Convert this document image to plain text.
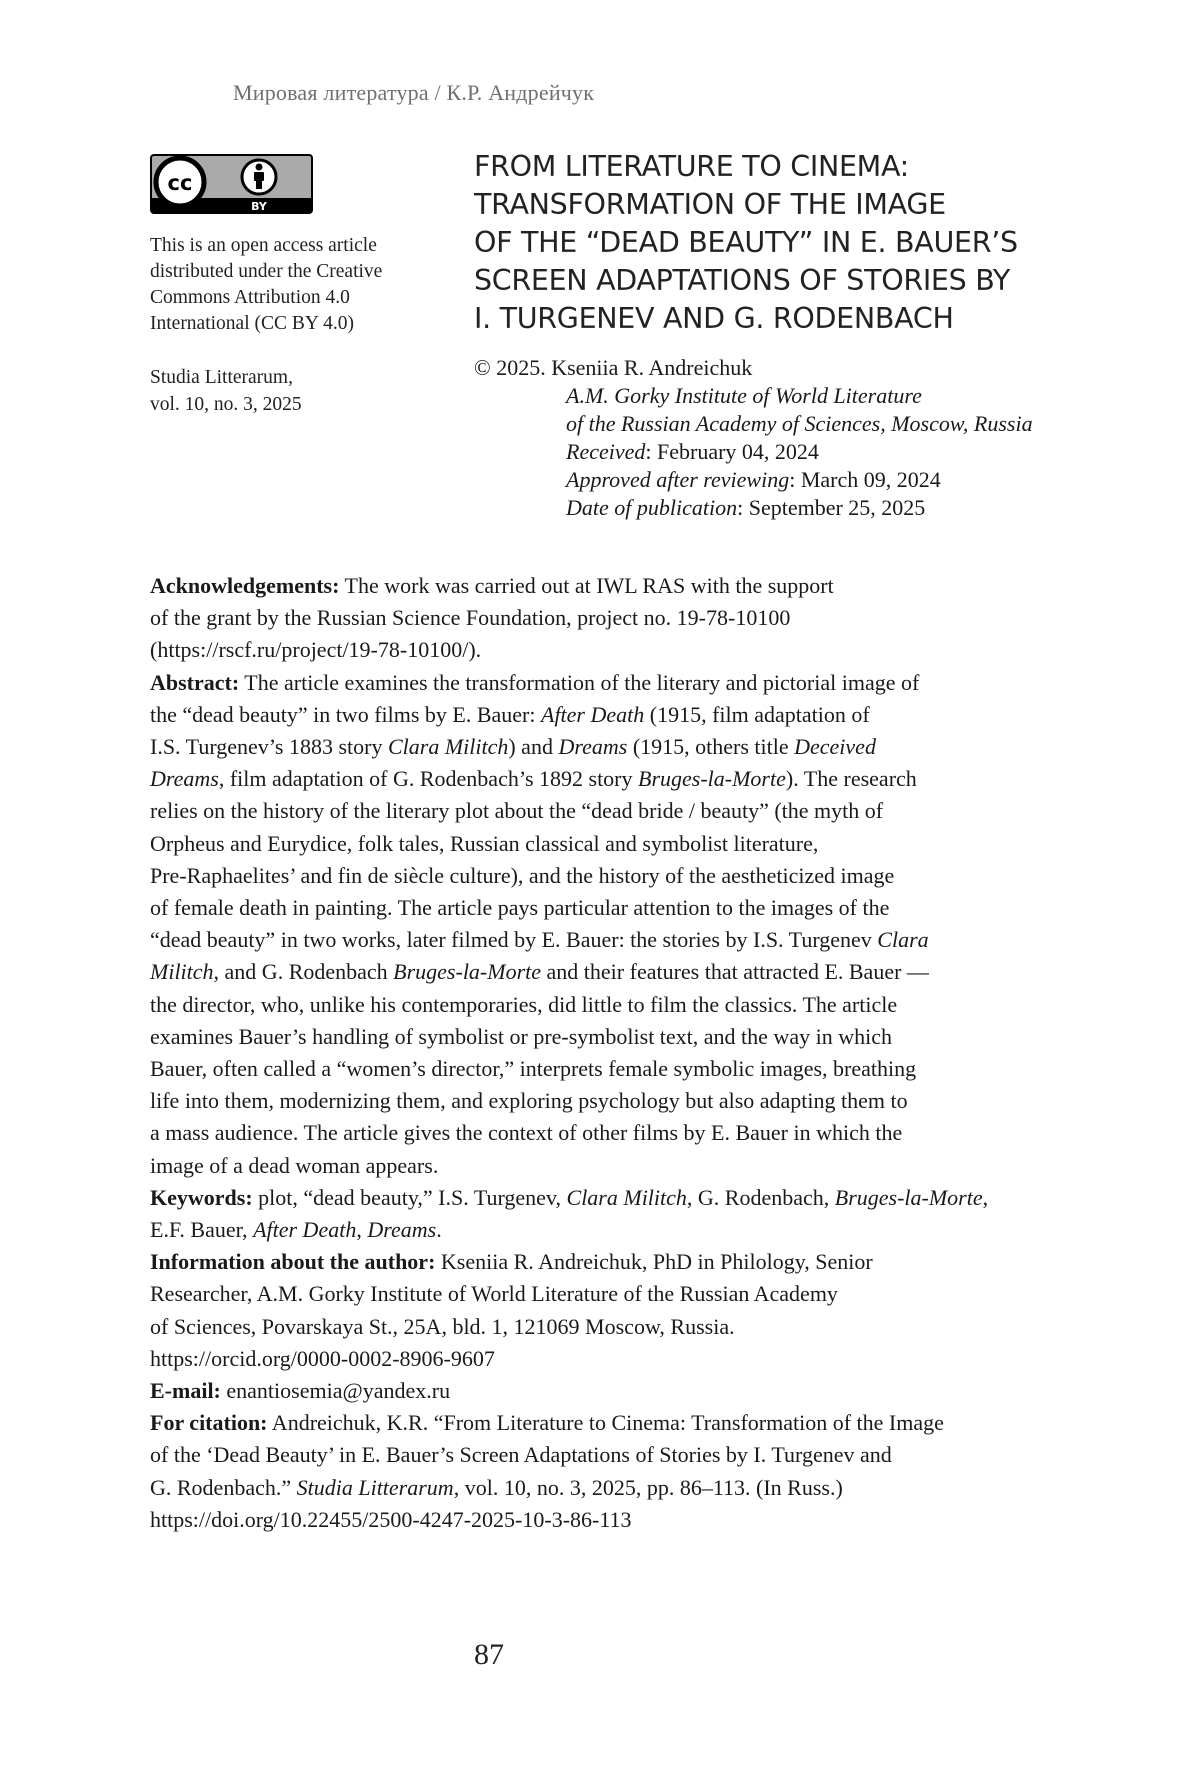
Мировая литература / К.Р. Андрейчук
cc
BY
This is an open access article distributed under the Creative Commons Attribution 4.0 International (CC BY 4.0)
Studia Litterarum,
vol. 10, no. 3, 2025
FROM LITERATURE TO CINEMA:
TRANSFORMATION OF THE IMAGE
OF THE “DEAD BEAUTY” IN E. BAUER’S
SCREEN ADAPTATIONS OF STORIES BY
I. TURGENEV AND G. RODENBACH
© 2025. Kseniia R. Andreichuk
A.M. Gorky Institute of World Literature
of the Russian Academy of Sciences, Moscow, Russia
Received: February 04, 2024
Approved after reviewing: March 09, 2024
Date of publication: September 25, 2025

Acknowledgements: The work was carried out at IWL RAS with the support
of the grant by the Russian Science Foundation, project no. 19-78-10100
(https://rscf.ru/project/19-78-10100/).

Abstract: The article examines the transformation of the literary and pictorial image of
the “dead beauty” in two films by E. Bauer: After Death (1915, film adaptation of
I.S. Turgenev’s 1883 story Clara Militch) and Dreams (1915, others title Deceived
Dreams, film adaptation of G. Rodenbach’s 1892 story Bruges-la-Morte). The research
relies on the history of the literary plot about the “dead bride / beauty” (the myth of
Orpheus and Eurydice, folk tales, Russian classical and symbolist literature,
Pre-Raphaelites’ and fin de siècle culture), and the history of the aestheticized image
of female death in painting. The article pays particular attention to the images of the
“dead beauty” in two works, later filmed by E. Bauer: the stories by I.S. Turgenev Clara
Militch, and G. Rodenbach Bruges-la-Morte and their features that attracted E. Bauer —
the director, who, unlike his contemporaries, did little to film the classics. The article
examines Bauer’s handling of symbolist or pre-symbolist text, and the way in which
Bauer, often called a “women’s director,” interprets female symbolic images, breathing
life into them, modernizing them, and exploring psychology but also adapting them to
a mass audience. The article gives the context of other films by E. Bauer in which the
image of a dead woman appears.

Keywords: plot, “dead beauty,” I.S. Turgenev, Clara Militch, G. Rodenbach, Bruges-la-Morte,
E.F. Bauer, After Death, Dreams.

Information about the author: Kseniia R. Andreichuk, PhD in Philology, Senior
Researcher, A.M. Gorky Institute of World Literature of the Russian Academy
of Sciences, Povarskaya St., 25A, bld. 1, 121069 Moscow, Russia.
https://orcid.org/0000-0002-8906-9607

E-mail: enantiosemia@yandex.ru

For citation: Andreichuk, K.R. “From Literature to Cinema: Transformation of the Image
of the ‘Dead Beauty’ in E. Bauer’s Screen Adaptations of Stories by I. Turgenev and
G. Rodenbach.” Studia Litterarum, vol. 10, no. 3, 2025, pp. 86–113. (In Russ.)
https://doi.org/10.22455/2500-4247-2025-10-3-86-113

87
